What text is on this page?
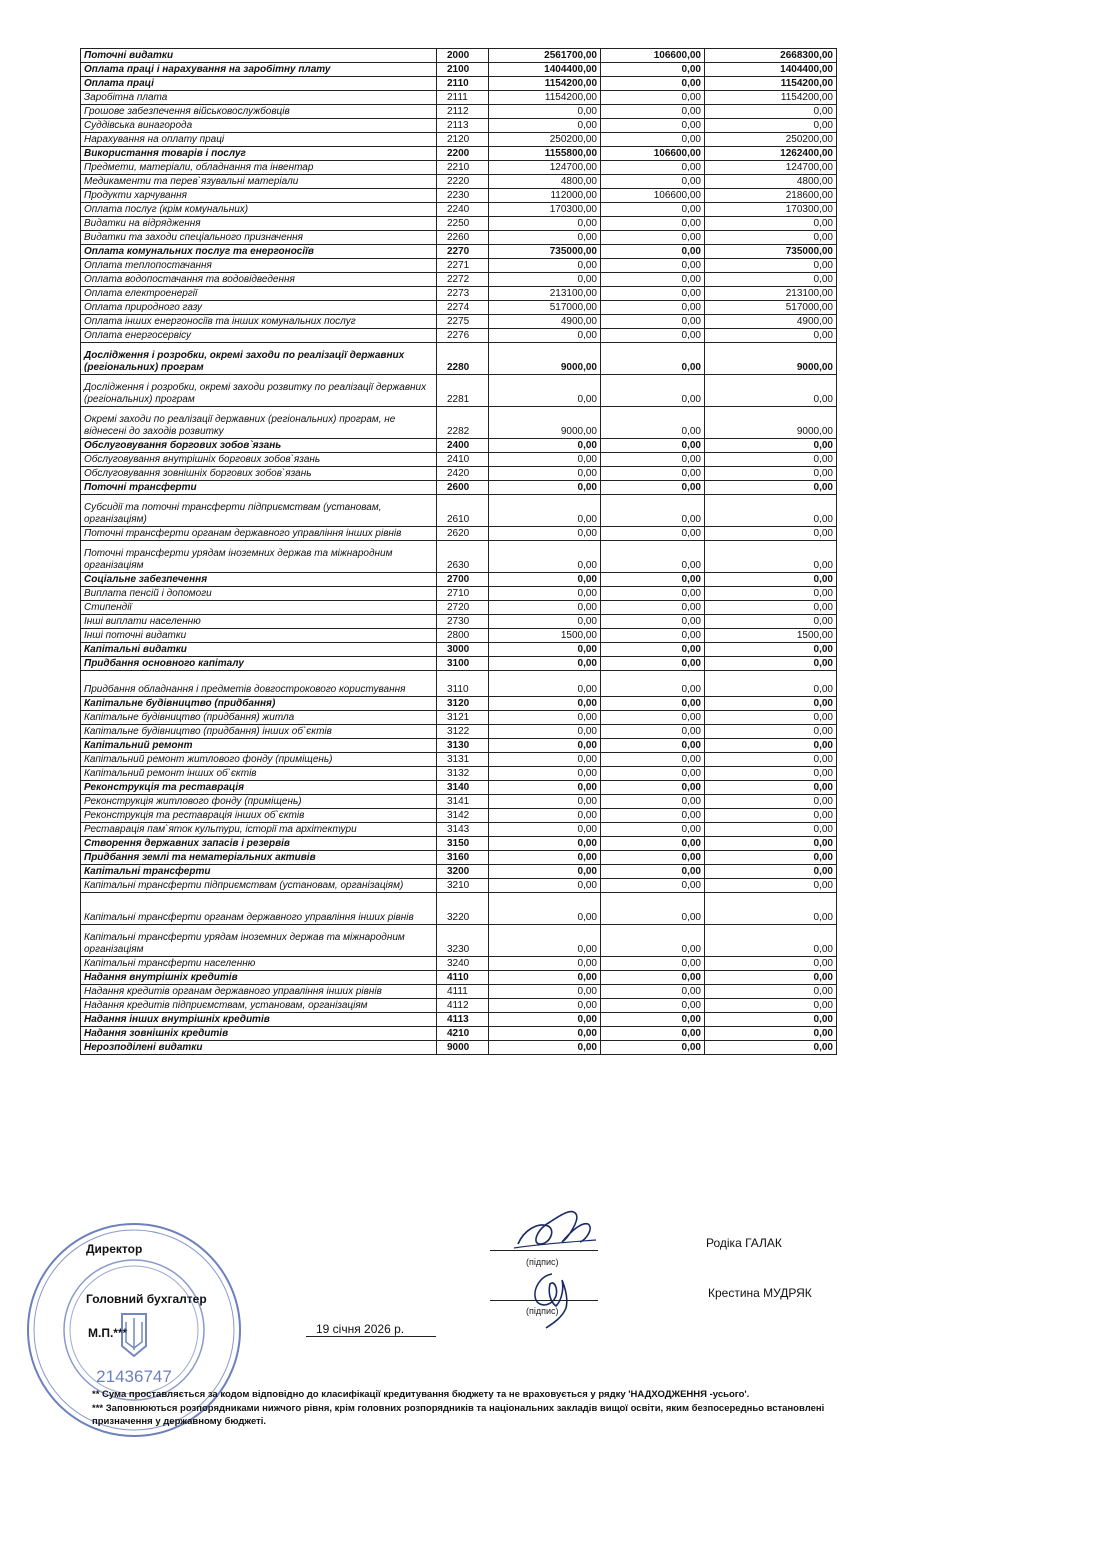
Поточні видатки	2000	2561700,00	106600,00	2668300,00
Оплата праці і нарахування на заробітну плату	2100	1404400,00	0,00	1404400,00
Оплата праці	2110	1154200,00	0,00	1154200,00
Заробітна плата	2111	1154200,00	0,00	1154200,00
Грошове забезпечення військовослужбовців	2112	0,00	0,00	0,00
Суддівська винагорода	2113	0,00	0,00	0,00
Нарахування на оплату праці	2120	250200,00	0,00	250200,00
Використання товарів і послуг	2200	1155800,00	106600,00	1262400,00
Предмети, матеріали, обладнання та інвентар	2210	124700,00	0,00	124700,00
Медикаменти та перев`язувальні матеріали	2220	4800,00	0,00	4800,00
Продукти харчування	2230	112000,00	106600,00	218600,00
Оплата послуг (крім комунальних)	2240	170300,00	0,00	170300,00
Видатки на відрядження	2250	0,00	0,00	0,00
Видатки та заходи спеціального призначення	2260	0,00	0,00	0,00
Оплата комунальних послуг та енергоносіїв	2270	735000,00	0,00	735000,00
Оплата теплопостачання	2271	0,00	0,00	0,00
Оплата водопостачання та водовідведення	2272	0,00	0,00	0,00
Оплата електроенергії	2273	213100,00	0,00	213100,00
Оплата природного газу	2274	517000,00	0,00	517000,00
Оплата інших енергоносіїв та інших комунальних послуг	2275	4900,00	0,00	4900,00
Оплата енергосервісу	2276	0,00	0,00	0,00
Дослідження і розробки, окремі заходи по реалізації державних (регіональних) програм	2280	9000,00	0,00	9000,00
Дослідження і розробки, окремі заходи розвитку по реалізації державних (регіональних) програм	2281	0,00	0,00	0,00
Окремі заходи по реалізації державних (регіональних) програм, не віднесені до заходів розвитку	2282	9000,00	0,00	9000,00
Обслуговування боргових зобов`язань	2400	0,00	0,00	0,00
Обслуговування внутрішніх боргових зобов`язань	2410	0,00	0,00	0,00
Обслуговування зовнішніх боргових зобов`язань	2420	0,00	0,00	0,00
Поточні трансферти	2600	0,00	0,00	0,00
Субсидії та поточні трансферти підприємствам (установам, організаціям)	2610	0,00	0,00	0,00
Поточні трансферти органам державного управління інших рівнів	2620	0,00	0,00	0,00
Поточні трансферти урядам іноземних держав та міжнародним організаціям	2630	0,00	0,00	0,00
Соціальне забезпечення	2700	0,00	0,00	0,00
Виплата пенсій і допомоги	2710	0,00	0,00	0,00
Стипендії	2720	0,00	0,00	0,00
Інші виплати населенню	2730	0,00	0,00	0,00
Інші поточні видатки	2800	1500,00	0,00	1500,00
Капітальні видатки	3000	0,00	0,00	0,00
Придбання основного капіталу	3100	0,00	0,00	0,00
Придбання обладнання і предметів довгострокового користування	3110	0,00	0,00	0,00
Капітальне будівництво (придбання)	3120	0,00	0,00	0,00
Капітальне будівництво (придбання) житла	3121	0,00	0,00	0,00
Капітальне будівництво (придбання) інших об`єктів	3122	0,00	0,00	0,00
Капітальний ремонт	3130	0,00	0,00	0,00
Капітальний ремонт житлового фонду (приміщень)	3131	0,00	0,00	0,00
Капітальний ремонт інших об`єктів	3132	0,00	0,00	0,00
Реконструкція та реставрація	3140	0,00	0,00	0,00
Реконструкція житлового фонду (приміщень)	3141	0,00	0,00	0,00
Реконструкція та реставрація інших об`єктів	3142	0,00	0,00	0,00
Реставрація пам`яток культури, історії та архітектури	3143	0,00	0,00	0,00
Створення державних запасів і резервів	3150	0,00	0,00	0,00
Придбання землі та нематеріальних активів	3160	0,00	0,00	0,00
Капітальні трансферти	3200	0,00	0,00	0,00
Капітальні трансферти підприємствам (установам, організаціям)	3210	0,00	0,00	0,00
Капітальні трансферти органам державного управління інших рівнів	3220	0,00	0,00	0,00
Капітальні трансферти урядам іноземних держав та міжнародним організаціям	3230	0,00	0,00	0,00
Капітальні трансферти населенню	3240	0,00	0,00	0,00
Надання внутрішніх кредитів	4110	0,00	0,00	0,00
Надання кредитів органам державного управління інших рівнів	4111	0,00	0,00	0,00
Надання кредитів підприємствам, установам, організаціям	4112	0,00	0,00	0,00
Надання інших внутрішніх кредитів	4113	0,00	0,00	0,00
Надання зовнішніх кредитів	4210	0,00	0,00	0,00
Нерозподілені видатки	9000	0,00	0,00	0,00
(підпис)
(підпис)
Родіка ГАЛАК
Крестина МУДРЯК
Директор
Головний бухгалтер
М.П.***	19 січня 2026 р.
21436747
** Сума проставляється за кодом відповідно до класифікації кредитування бюджету та не враховується у рядку 'НАДХОДЖЕННЯ -усього'.
*** Заповнюються розпорядниками нижчого рівня, крім головних розпорядників та національних закладів вищої освіти, яким безпосередньо встановлені призначення у державному бюджеті.
